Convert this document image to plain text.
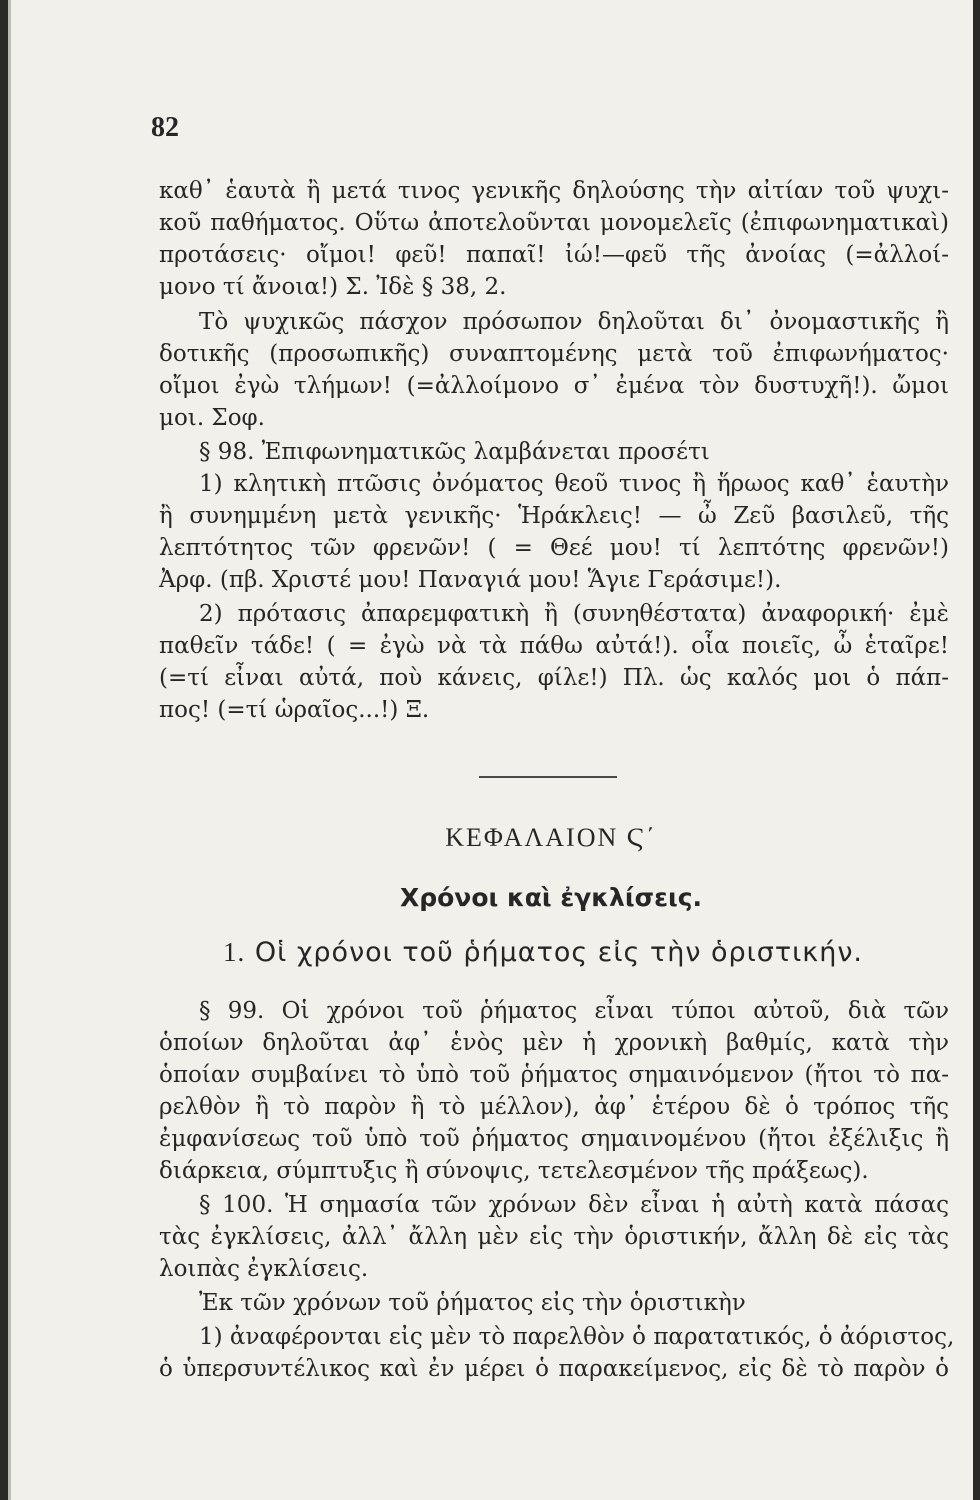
82
καθ᾿ ἑαυτὰ ἢ μετά τινος γενικῆς δηλούσης τὴν αἰτίαν τοῦ ψυχι-
κοῦ παθήματος. Οὕτω ἀποτελοῦνται μονομελεῖς (ἐπιφωνηματικαὶ)
προτάσεις· οἴμοι! φεῦ! παπαῖ! ἰώ!—φεῦ τῆς ἀνοίας (=ἀλλοί-
μονο τί ἄνοια!) Σ. Ἰδὲ § 38, 2.
Τὸ ψυχικῶς πάσχον πρόσωπον δηλοῦται δι᾿ ὀνομαστικῆς ἢ
δοτικῆς (προσωπικῆς) συναπτομένης μετὰ τοῦ ἐπιφωνήματος·
οἴμοι ἐγὼ τλήμων! (=ἀλλοίμονο σ᾿ ἐμένα τὸν δυστυχῆ!). ὤμοι
μοι. Σοφ.
§ 98. Ἐπιφωνηματικῶς λαμβάνεται προσέτι
1) κλητικὴ πτῶσις ὀνόματος θεοῦ τινος ἢ ἥρωος καθ᾿ ἑαυτὴν
ἢ συνημμένη μετὰ γενικῆς· Ἡράκλεις! — ὦ Ζεῦ βασιλεῦ, τῆς
λεπτότητος τῶν φρενῶν! ( = Θεέ μου! τί λεπτότης φρενῶν!)
Ἀρφ. (πβ. Χριστέ μου! Παναγιά μου! Ἅγιε Γεράσιμε!).
2) πρότασις ἀπαρεμφατικὴ ἢ (συνηθέστατα) ἀναφορική· ἐμὲ
παθεῖν τάδε! ( = ἐγὼ νὰ τὰ πάθω αὐτά!). οἷα ποιεῖς, ὦ ἑταῖρε!
(=τί εἶναι αὐτά, ποὺ κάνεις, φίλε!) Πλ. ὡς καλός μοι ὁ πάπ-
πος! (=τί ὡραῖος...!) Ξ.
ΚΕΦΑΛΑΙΟΝ Ϛ΄
Χρόνοι καὶ ἐγκλίσεις.
1. Οἱ χρόνοι τοῦ ῥήματος εἰς τὴν ὁριστικήν.
§ 99. Οἱ χρόνοι τοῦ ῥήματος εἶναι τύποι αὐτοῦ, διὰ τῶν
ὁποίων δηλοῦται ἀφ᾿ ἑνὸς μὲν ἡ χρονικὴ βαθμίς, κατὰ τὴν
ὁποίαν συμβαίνει τὸ ὑπὸ τοῦ ῥήματος σημαινόμενον (ἤτοι τὸ πα-
ρελθὸν ἢ τὸ παρὸν ἢ τὸ μέλλον), ἀφ᾿ ἑτέρου δὲ ὁ τρόπος τῆς
ἐμφανίσεως τοῦ ὑπὸ τοῦ ῥήματος σημαινομένου (ἤτοι ἐξέλιξις ἢ
διάρκεια, σύμπτυξις ἢ σύνοψις, τετελεσμένον τῆς πράξεως).
§ 100. Ἡ σημασία τῶν χρόνων δὲν εἶναι ἡ αὐτὴ κατὰ πάσας
τὰς ἐγκλίσεις, ἀλλ᾿ ἄλλη μὲν εἰς τὴν ὁριστικήν, ἄλλη δὲ εἰς τὰς
λοιπὰς ἐγκλίσεις.
Ἐκ τῶν χρόνων τοῦ ῥήματος εἰς τὴν ὁριστικὴν
1) ἀναφέρονται εἰς μὲν τὸ παρελθὸν ὁ παρατατικός, ὁ ἀόριστος,
ὁ ὑπερσυντέλικος καὶ ἐν μέρει ὁ παρακείμενος, εἰς δὲ τὸ παρὸν ὁ
